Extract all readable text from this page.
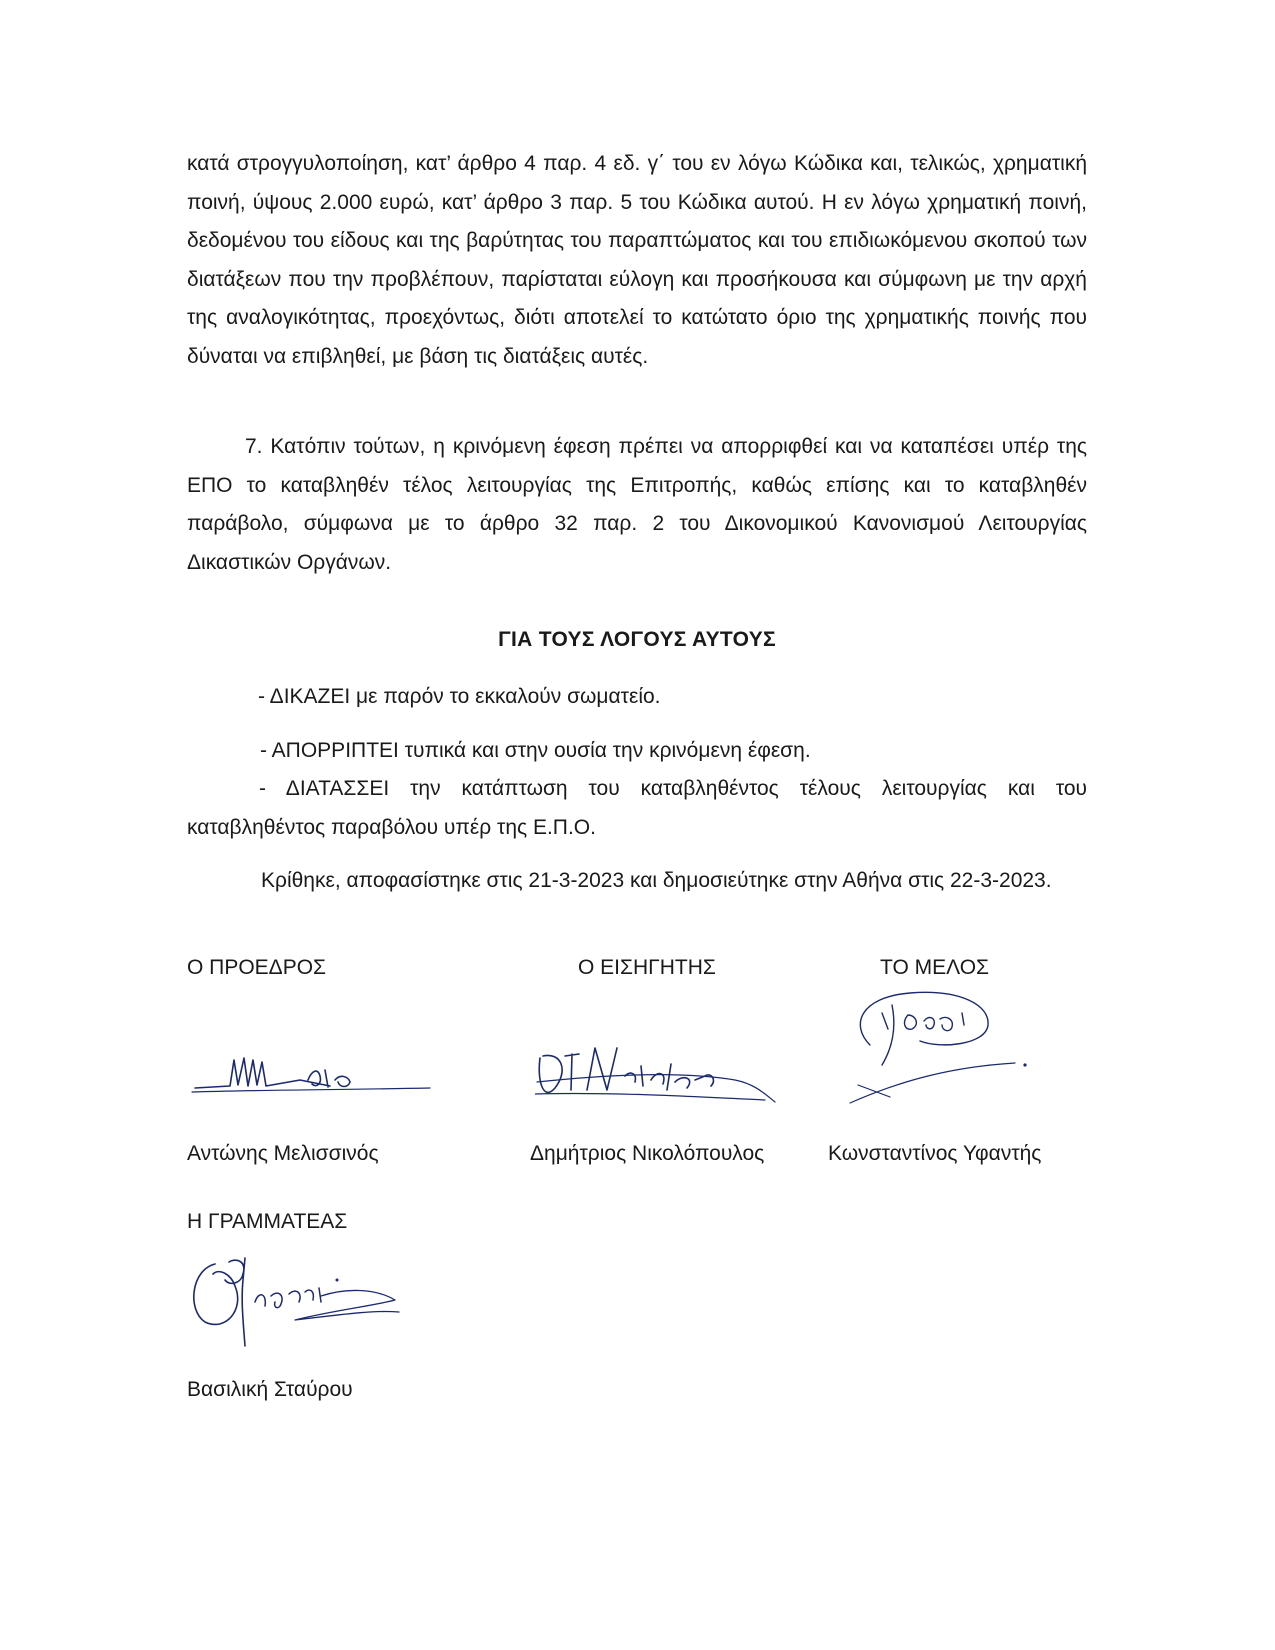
κατά στρογγυλοποίηση, κατ’ άρθρο 4 παρ. 4 εδ. γ΄ του εν λόγω Κώδικα και, τελικώς, χρηματική ποινή, ύψους 2.000 ευρώ, κατ’ άρθρο 3 παρ. 5 του Κώδικα αυτού. Η εν λόγω χρηματική ποινή, δεδομένου του είδους και της βαρύτητας του παραπτώματος και του επιδιωκόμενου σκοπού των διατάξεων που την προβλέπουν, παρίσταται εύλογη και προσήκουσα και σύμφωνη με την αρχή της αναλογικότητας, προεχόντως, διότι αποτελεί το κατώτατο όριο της χρηματικής ποινής που δύναται να επιβληθεί, με βάση τις διατάξεις αυτές.

7. Κατόπιν τούτων, η κρινόμενη έφεση πρέπει να απορριφθεί και να καταπέσει υπέρ της ΕΠΟ το καταβληθέν τέλος λειτουργίας της Επιτροπής, καθώς επίσης και το καταβληθέν παράβολο, σύμφωνα με το άρθρο 32 παρ. 2 του Δικονομικού Κανονισμού Λειτουργίας Δικαστικών Οργάνων.

ΓΙΑ ΤΟΥΣ ΛΟΓΟΥΣ ΑΥΤΟΥΣ
- ΔΙΚΑΖΕΙ με παρόν το εκκαλούν σωματείο.
- ΑΠΟΡΡΙΠΤΕΙ τυπικά και στην ουσία την κρινόμενη έφεση.
- ΔΙΑΤΑΣΣΕΙ την κατάπτωση του καταβληθέντος τέλους λειτουργίας και του καταβληθέντος παραβόλου υπέρ της Ε.Π.Ο.
Κρίθηκε, αποφασίστηκε στις 21-3-2023 και δημοσιεύτηκε στην Αθήνα στις 22-3-2023.
Ο ΠΡΟΕΔΡΟΣ	Ο ΕΙΣΗΓΗΤΗΣ	ΤΟ ΜΕΛΟΣ
Αντώνης Μελισσινός	Δημήτριος Νικολόπουλος	Κωνσταντίνος Υφαντής
Η ΓΡΑΜΜΑΤΕΑΣ
Βασιλική Σταύρου
